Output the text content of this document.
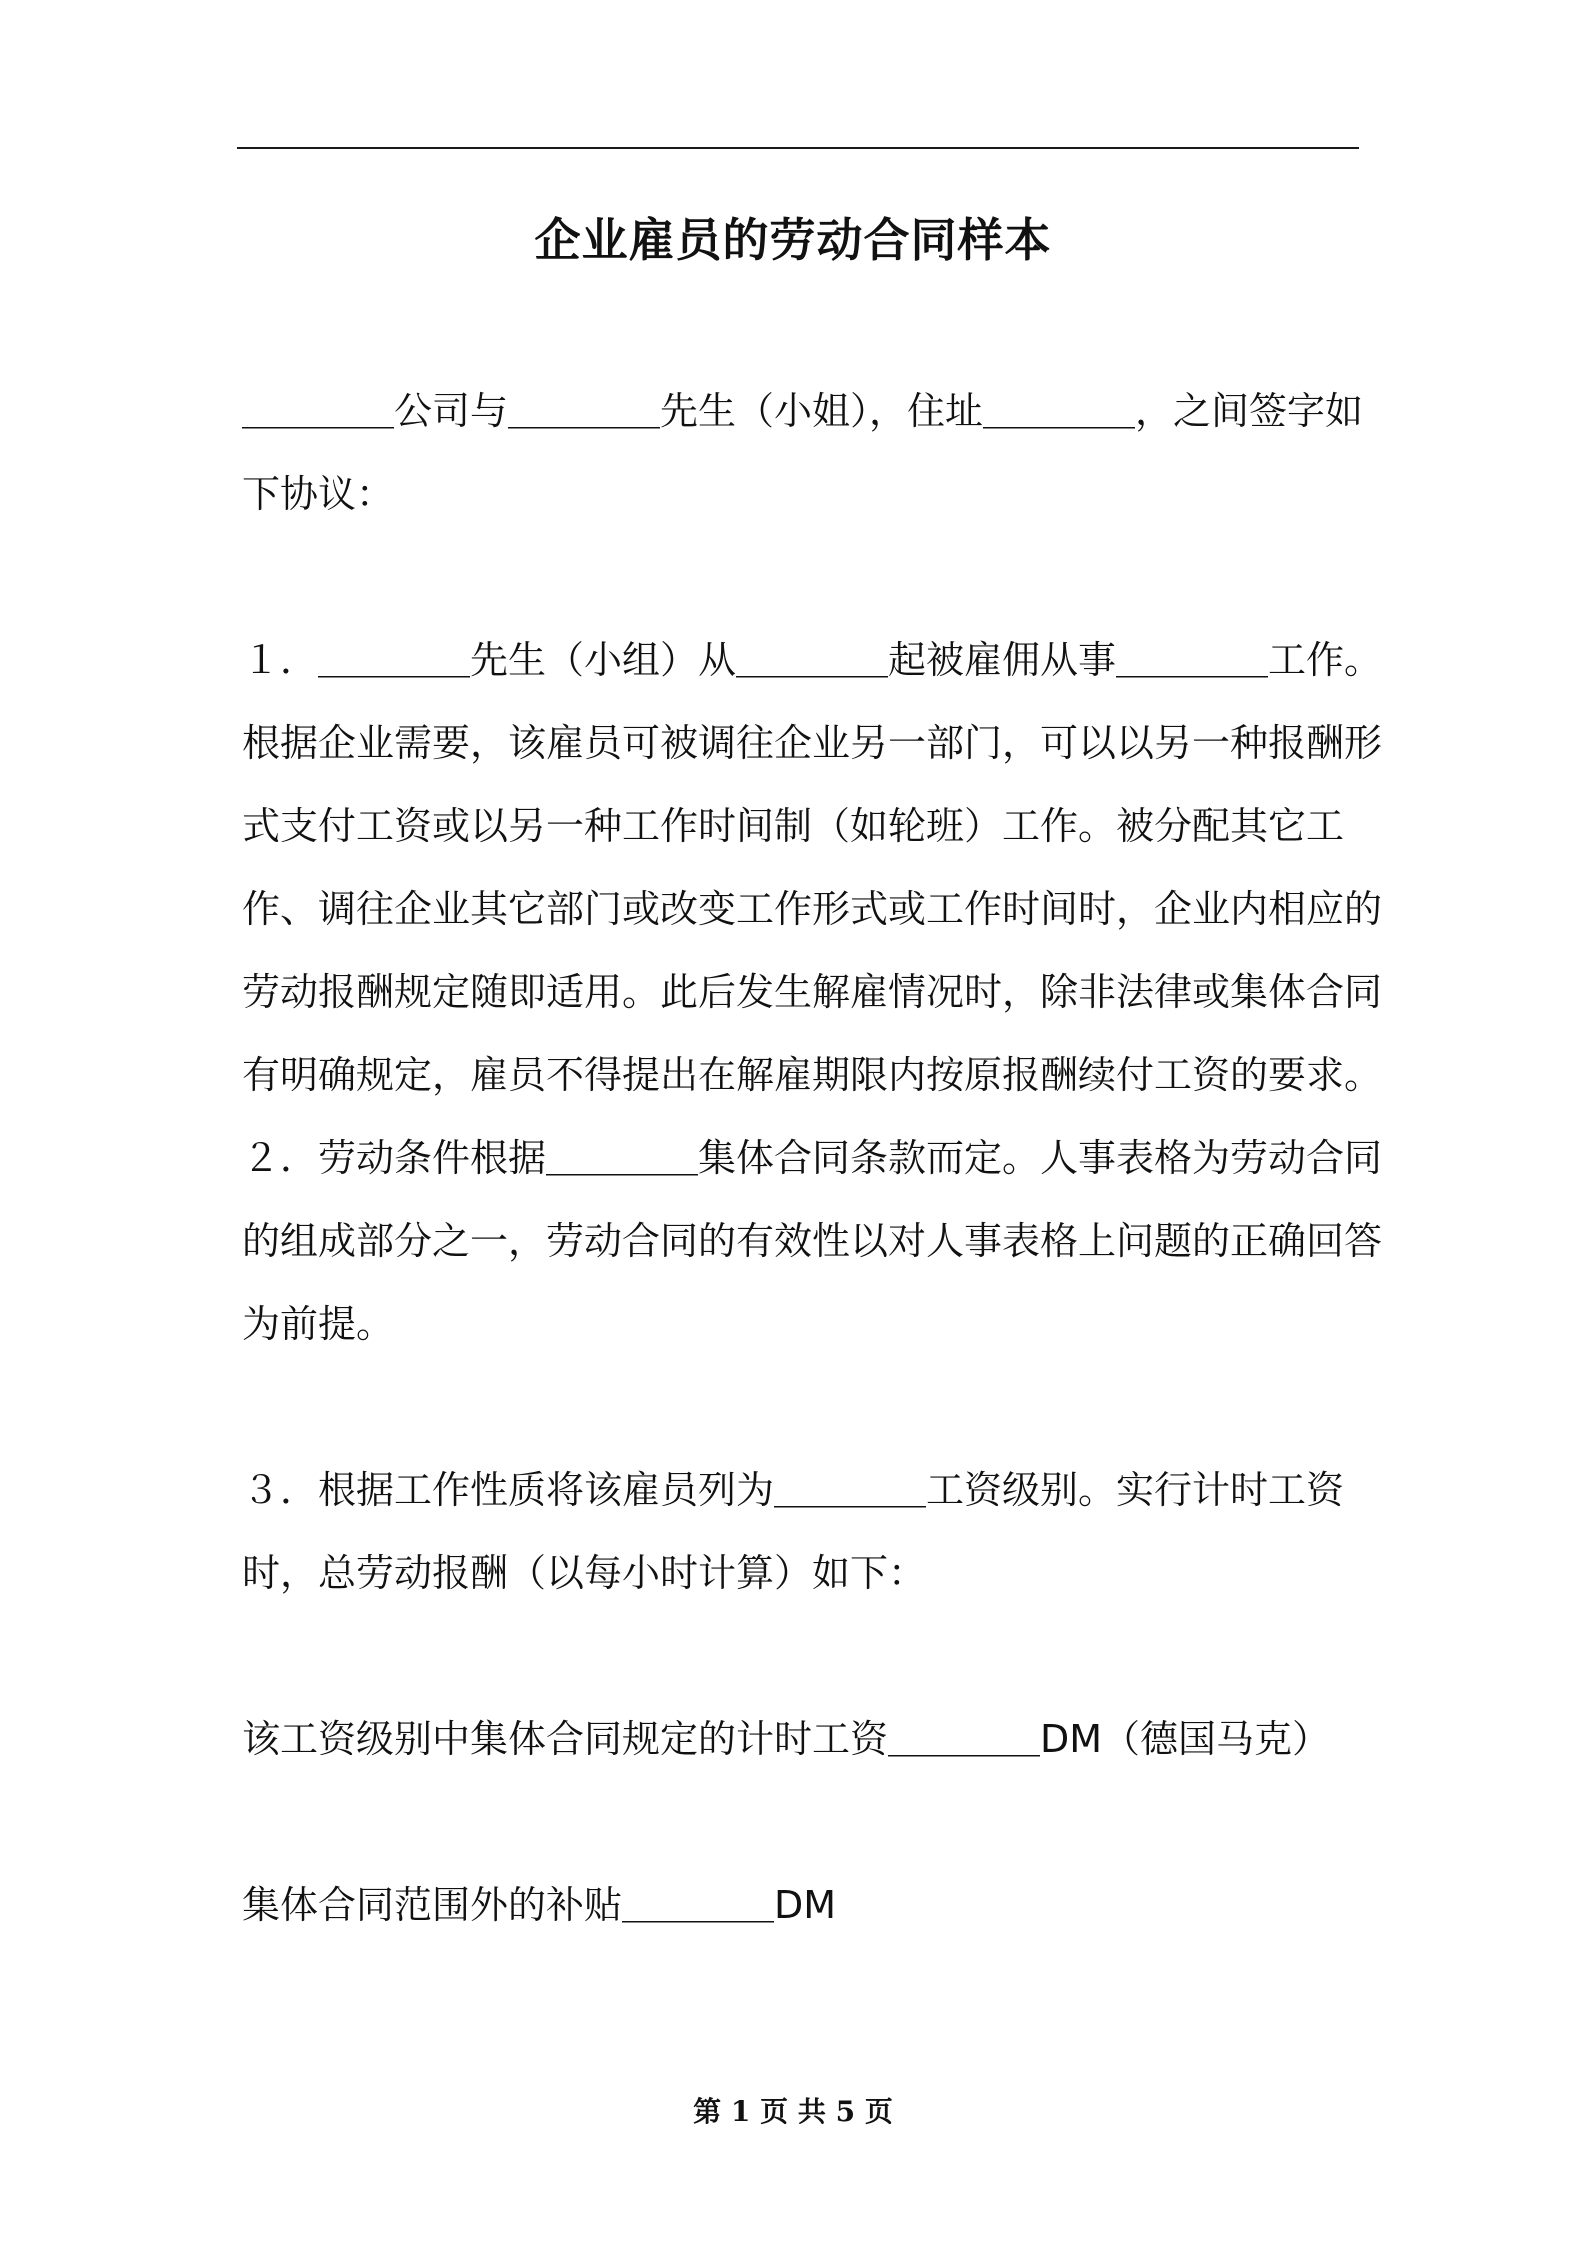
企业雇员的劳动合同样本

＿＿＿＿公司与＿＿＿＿先生（小姐），住址＿＿＿＿，之间签字如下协议：

１．＿＿＿＿先生（小组）从＿＿＿＿起被雇佣从事＿＿＿＿工作。

根据企业需要，该雇员可被调往企业另一部门，可以以另一种报酬形式支付工资或以另一种工作时间制（如轮班）工作。被分配其它工作、调往企业其它部门或改变工作形式或工作时间时，企业内相应的劳动报酬规定随即适用。此后发生解雇情况时，除非法律或集体合同有明确规定，雇员不得提出在解雇期限内按原报酬续付工资的要求。

２．劳动条件根据＿＿＿＿集体合同条款而定。人事表格为劳动合同的组成部分之一，劳动合同的有效性以对人事表格上问题的正确回答为前提。

３．根据工作性质将该雇员列为＿＿＿＿工资级别。实行计时工资时，总劳动报酬（以每小时计算）如下：

该工资级别中集体合同规定的计时工资＿＿＿＿DM（德国马克）

集体合同范围外的补贴＿＿＿＿DM

第 1 页 共 5 页
